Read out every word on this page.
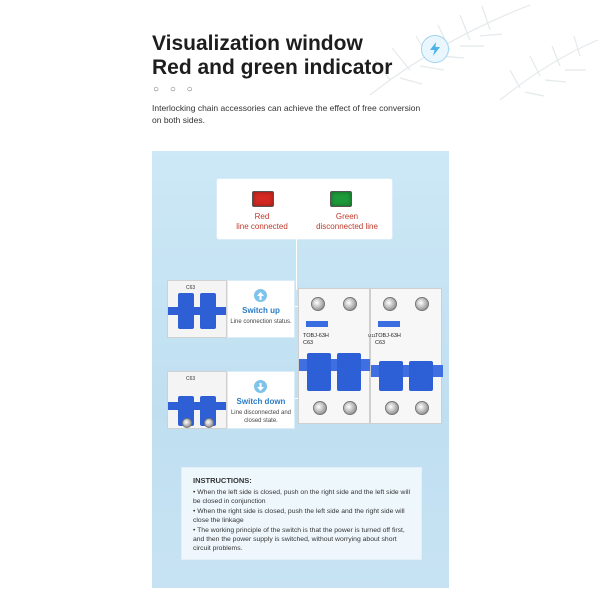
Visualization window
Red and green indicator
○ ○ ○
Interlocking chain accessories can achieve the effect of free conversion on both sides.
Red
line connected
Green
disconnected line
C63
C63
Switch up
Line connection status.
Switch down
Line disconnected and closed state.
TOBJ-63H
C63
U11 TOBJ-63H
C63
INSTRUCTIONS:
• When the left side is closed, push on the right side and the left side will be closed in conjunction
• When the right side is closed, push the left side and the right side will close the linkage
• The working principle of the switch is that the power is turned off first, and then the power supply is switched, without worrying about short circuit problems.
